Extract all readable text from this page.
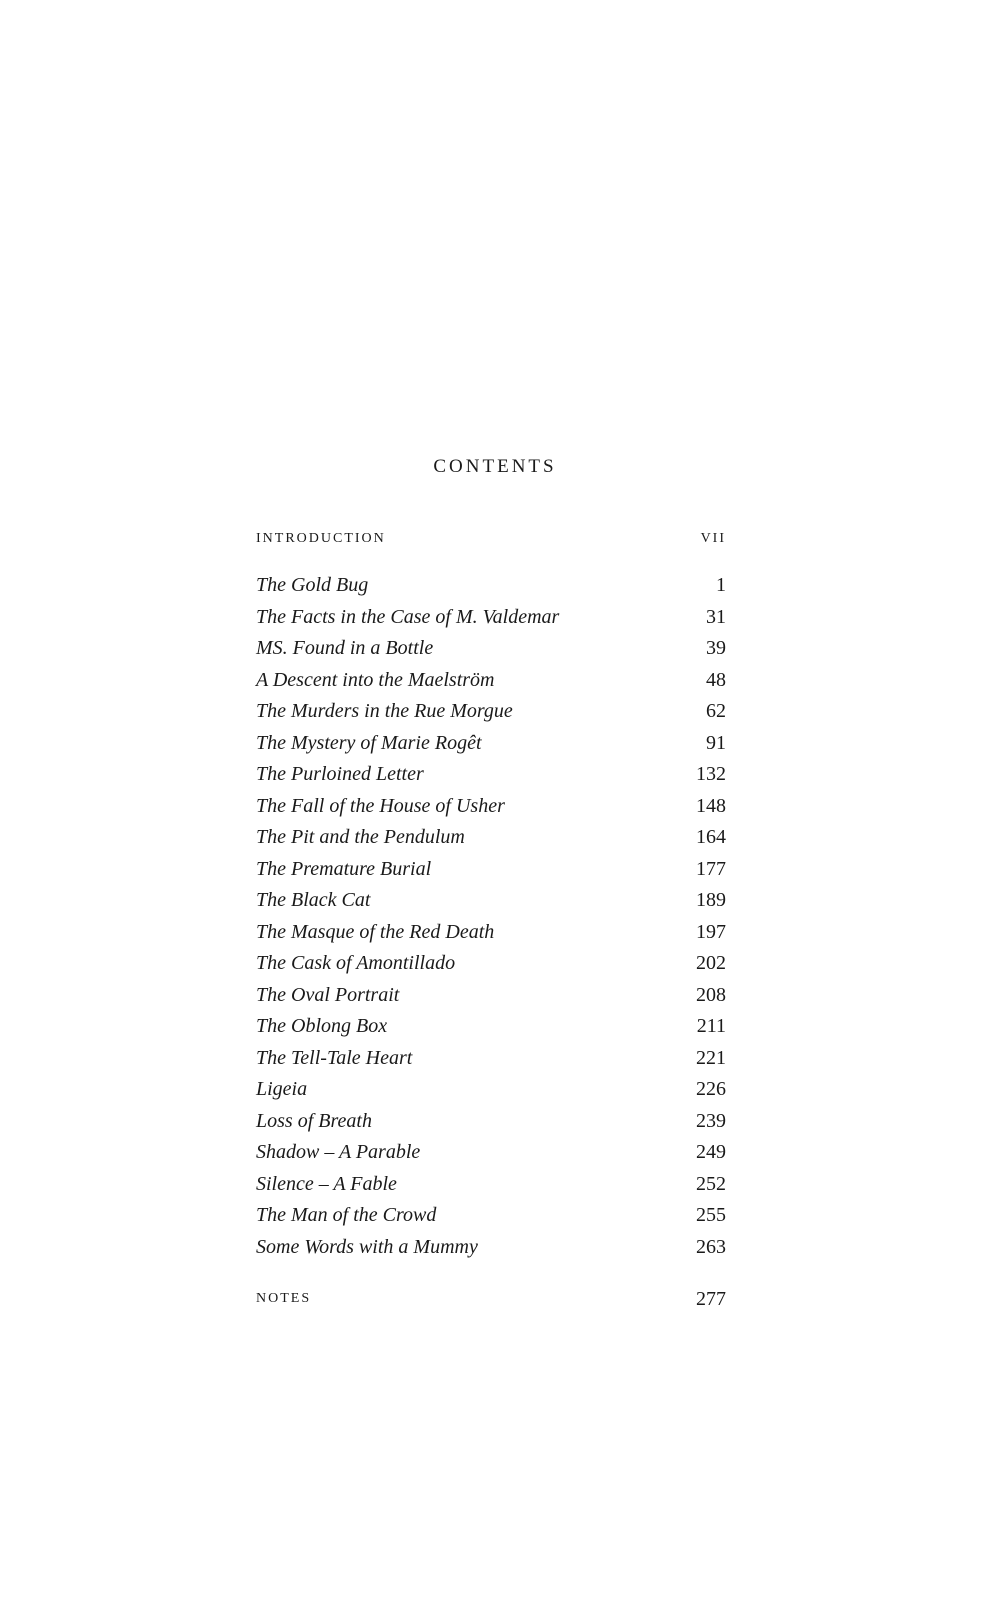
CONTENTS
INTRODUCTION	VII
The Gold Bug	1
The Facts in the Case of M. Valdemar	31
MS. Found in a Bottle	39
A Descent into the Maelström	48
The Murders in the Rue Morgue	62
The Mystery of Marie Rogêt	91
The Purloined Letter	132
The Fall of the House of Usher	148
The Pit and the Pendulum	164
The Premature Burial	177
The Black Cat	189
The Masque of the Red Death	197
The Cask of Amontillado	202
The Oval Portrait	208
The Oblong Box	211
The Tell-Tale Heart	221
Ligeia	226
Loss of Breath	239
Shadow – A Parable	249
Silence – A Fable	252
The Man of the Crowd	255
Some Words with a Mummy	263
NOTES	277
